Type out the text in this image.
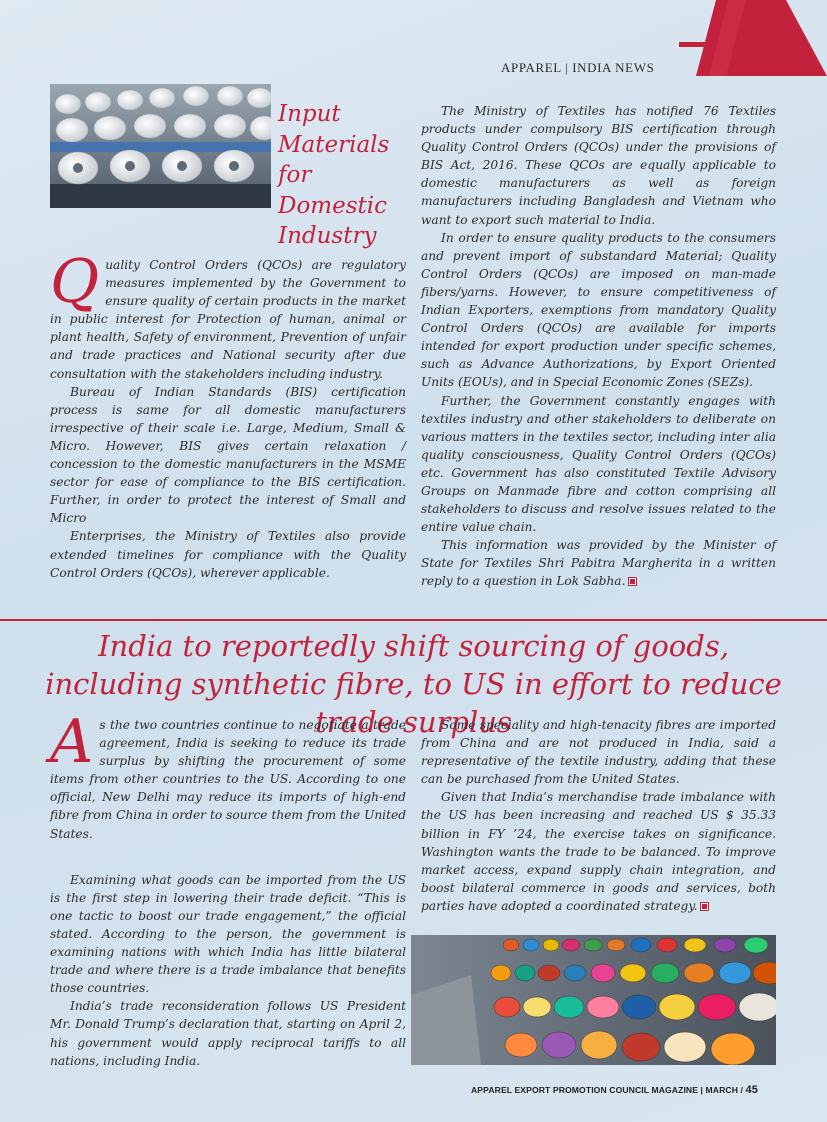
APPAREL | INDIA NEWS
Input Materials for Domestic Industry

Quality Control Orders (QCOs) are regulatory measures implemented by the Government to ensure quality of certain products in the market in public interest for Protection of human, animal or plant health, Safety of environment, Prevention of unfair and trade practices and National security after due consultation with the stakeholders including industry.

Bureau of Indian Standards (BIS) certification process is same for all domestic manufacturers irrespective of their scale i.e. Large, Medium, Small & Micro. However, BIS gives certain relaxation / concession to the domestic manufacturers in the MSME sector for ease of compliance to the BIS certification. Further, in order to protect the interest of Small and Micro

Enterprises, the Ministry of Textiles also provide extended timelines for compliance with the Quality Control Orders (QCOs), wherever applicable.

The Ministry of Textiles has notified 76 Textiles products under compulsory BIS certification through Quality Control Orders (QCOs) under the provisions of BIS Act, 2016. These QCOs are equally applicable to domestic manufacturers as well as foreign manufacturers including Bangladesh and Vietnam who want to export such material to India.

In order to ensure quality products to the consumers and prevent import of substandard Material; Quality Control Orders (QCOs) are imposed on man-made fibers/yarns. However, to ensure competitiveness of Indian Exporters, exemptions from mandatory Quality Control Orders (QCOs) are available for imports intended for export production under specific schemes, such as Advance Authorizations, by Export Oriented Units (EOUs), and in Special Economic Zones (SEZs).

Further, the Government constantly engages with textiles industry and other stakeholders to deliberate on various matters in the textiles sector, including inter alia quality consciousness, Quality Control Orders (QCOs) etc. Government has also constituted Textile Advisory Groups on Manmade fibre and cotton comprising all stakeholders to discuss and resolve issues related to the entire value chain.

This information was provided by the Minister of State for Textiles Shri Pabitra Margherita in a written reply to a question in Lok Sabha.

India to reportedly shift sourcing of goods, including synthetic fibre, to US in effort to reduce trade surplus

As the two countries continue to negotiate a trade agreement, India is seeking to reduce its trade surplus by shifting the procurement of some items from other countries to the US. According to one official, New Delhi may reduce its imports of high-end fibre from China in order to source them from the United States.

Examining what goods can be imported from the US is the first step in lowering their trade deficit. “This is one tactic to boost our trade engagement,” the official stated. According to the person, the government is examining nations with which India has little bilateral trade and where there is a trade imbalance that benefits those countries.

India’s trade reconsideration follows US President Mr. Donald Trump’s declaration that, starting on April 2, his government would apply reciprocal tariffs to all nations, including India.

Some speciality and high-tenacity fibres are imported from China and are not produced in India, said a representative of the textile industry, adding that these can be purchased from the United States.

Given that India’s merchandise trade imbalance with the US has been increasing and reached US $ 35.33 billion in FY ’24, the exercise takes on significance. Washington wants the trade to be balanced. To improve market access, expand supply chain integration, and boost bilateral commerce in goods and services, both parties have adopted a coordinated strategy.

APPAREL EXPORT PROMOTION COUNCIL MAGAZINE | MARCH / 45
